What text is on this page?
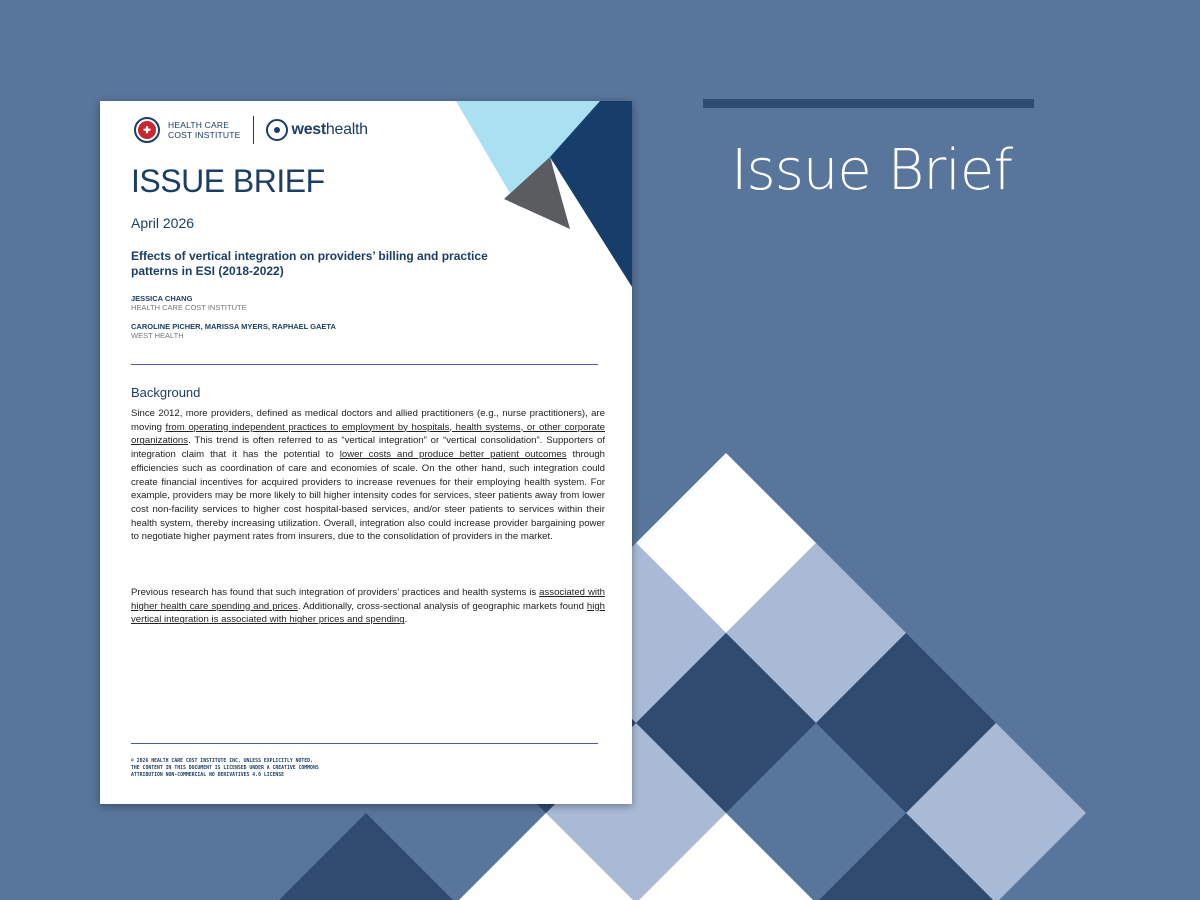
Issue Brief
✚	HEALTH CARE
COST INSTITUTE	westhealth
ISSUE BRIEF
April 2026
Effects of vertical integration on providers’ billing and practice patterns in ESI (2018-2022)
JESSICA CHANG
HEALTH CARE COST INSTITUTE
CAROLINE PICHER, MARISSA MYERS, RAPHAEL GAETA
WEST HEALTH
Background
Since 2012, more providers, defined as medical doctors and allied practitioners (e.g., nurse practitioners), are moving from operating independent practices to employment by hospitals, health systems, or other corporate organizations. This trend is often referred to as “vertical integration” or “vertical consolidation”. Supporters of integration claim that it has the potential to lower costs and produce better patient outcomes through efficiencies such as coordination of care and economies of scale. On the other hand, such integration could create financial incentives for acquired providers to increase revenues for their employing health system. For example, providers may be more likely to bill higher intensity codes for services, steer patients away from lower cost non-facility services to higher cost hospital-based services, and/or steer patients to services within their health system, thereby increasing utilization. Overall, integration also could increase provider bargaining power to negotiate higher payment rates from insurers, due to the consolidation of providers in the market.
Previous research has found that such integration of providers’ practices and health systems is associated with higher health care spending and prices. Additionally, cross-sectional analysis of geographic markets found high vertical integration is associated with higher prices and spending.
© 2026 HEALTH CARE COST INSTITUTE INC. UNLESS EXPLICITLY NOTED,
THE CONTENT IN THIS DOCUMENT IS LICENSED UNDER A CREATIVE COMMONS
ATTRIBUTION NON-COMMERCIAL NO DERIVATIVES 4.0 LICENSE
